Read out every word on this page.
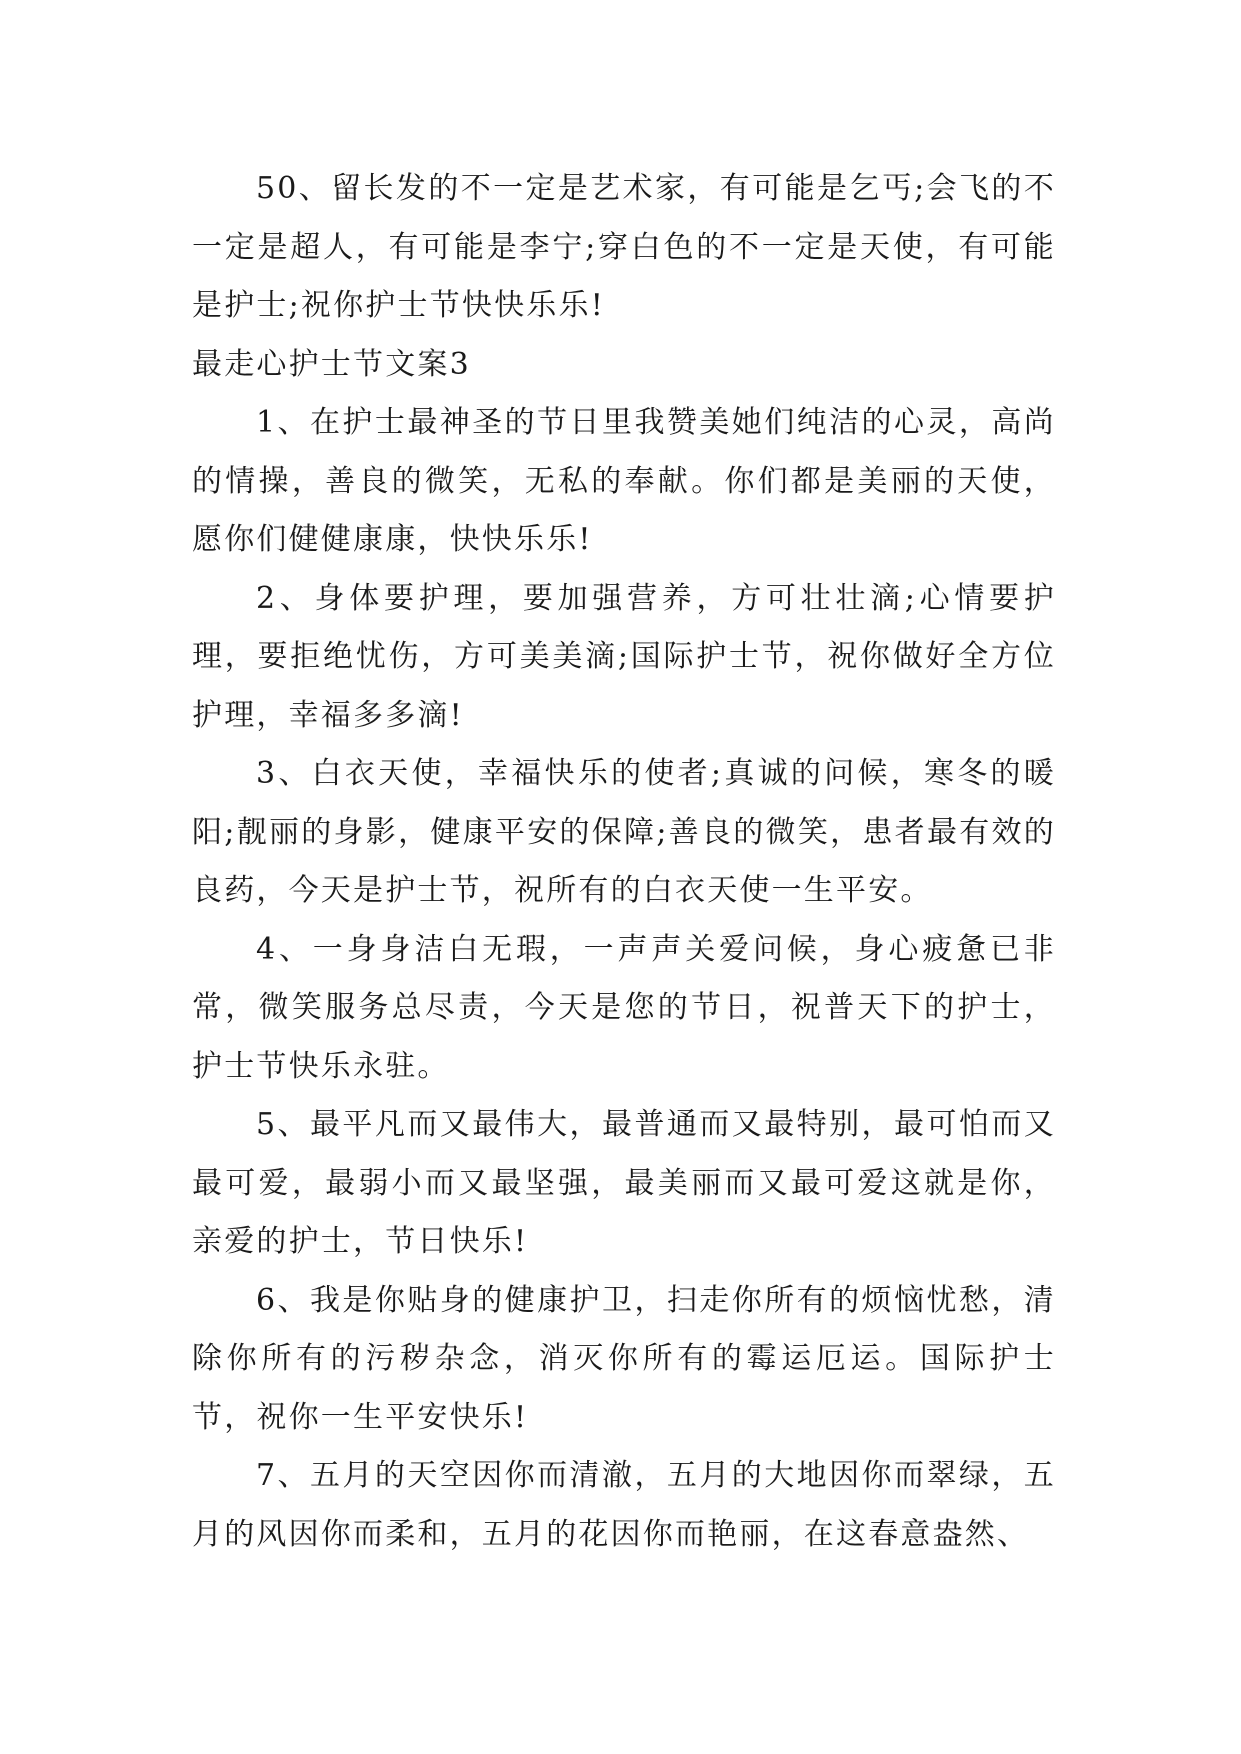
50、留长发的不一定是艺术家，有可能是乞丐;会飞的不一定是超人，有可能是李宁;穿白色的不一定是天使，有可能是护士;祝你护士节快快乐乐!

最走心护士节文案3

1、在护士最神圣的节日里我赞美她们纯洁的心灵，高尚的情操，善良的微笑，无私的奉献。你们都是美丽的天使，愿你们健健康康，快快乐乐!

2、身体要护理，要加强营养，方可壮壮滴;心情要护理，要拒绝忧伤，方可美美滴;国际护士节，祝你做好全方位护理，幸福多多滴!

3、白衣天使，幸福快乐的使者;真诚的问候，寒冬的暖阳;靓丽的身影，健康平安的保障;善良的微笑，患者最有效的良药，今天是护士节，祝所有的白衣天使一生平安。

4、一身身洁白无瑕，一声声关爱问候，身心疲惫已非常，微笑服务总尽责，今天是您的节日，祝普天下的护士，护士节快乐永驻。

5、最平凡而又最伟大，最普通而又最特别，最可怕而又最可爱，最弱小而又最坚强，最美丽而又最可爱这就是你，亲爱的护士，节日快乐!

6、我是你贴身的健康护卫，扫走你所有的烦恼忧愁，清除你所有的污秽杂念，消灭你所有的霉运厄运。国际护士节，祝你一生平安快乐!

7、五月的天空因你而清澈，五月的大地因你而翠绿，五月的风因你而柔和，五月的花因你而艳丽，在这春意盎然、
